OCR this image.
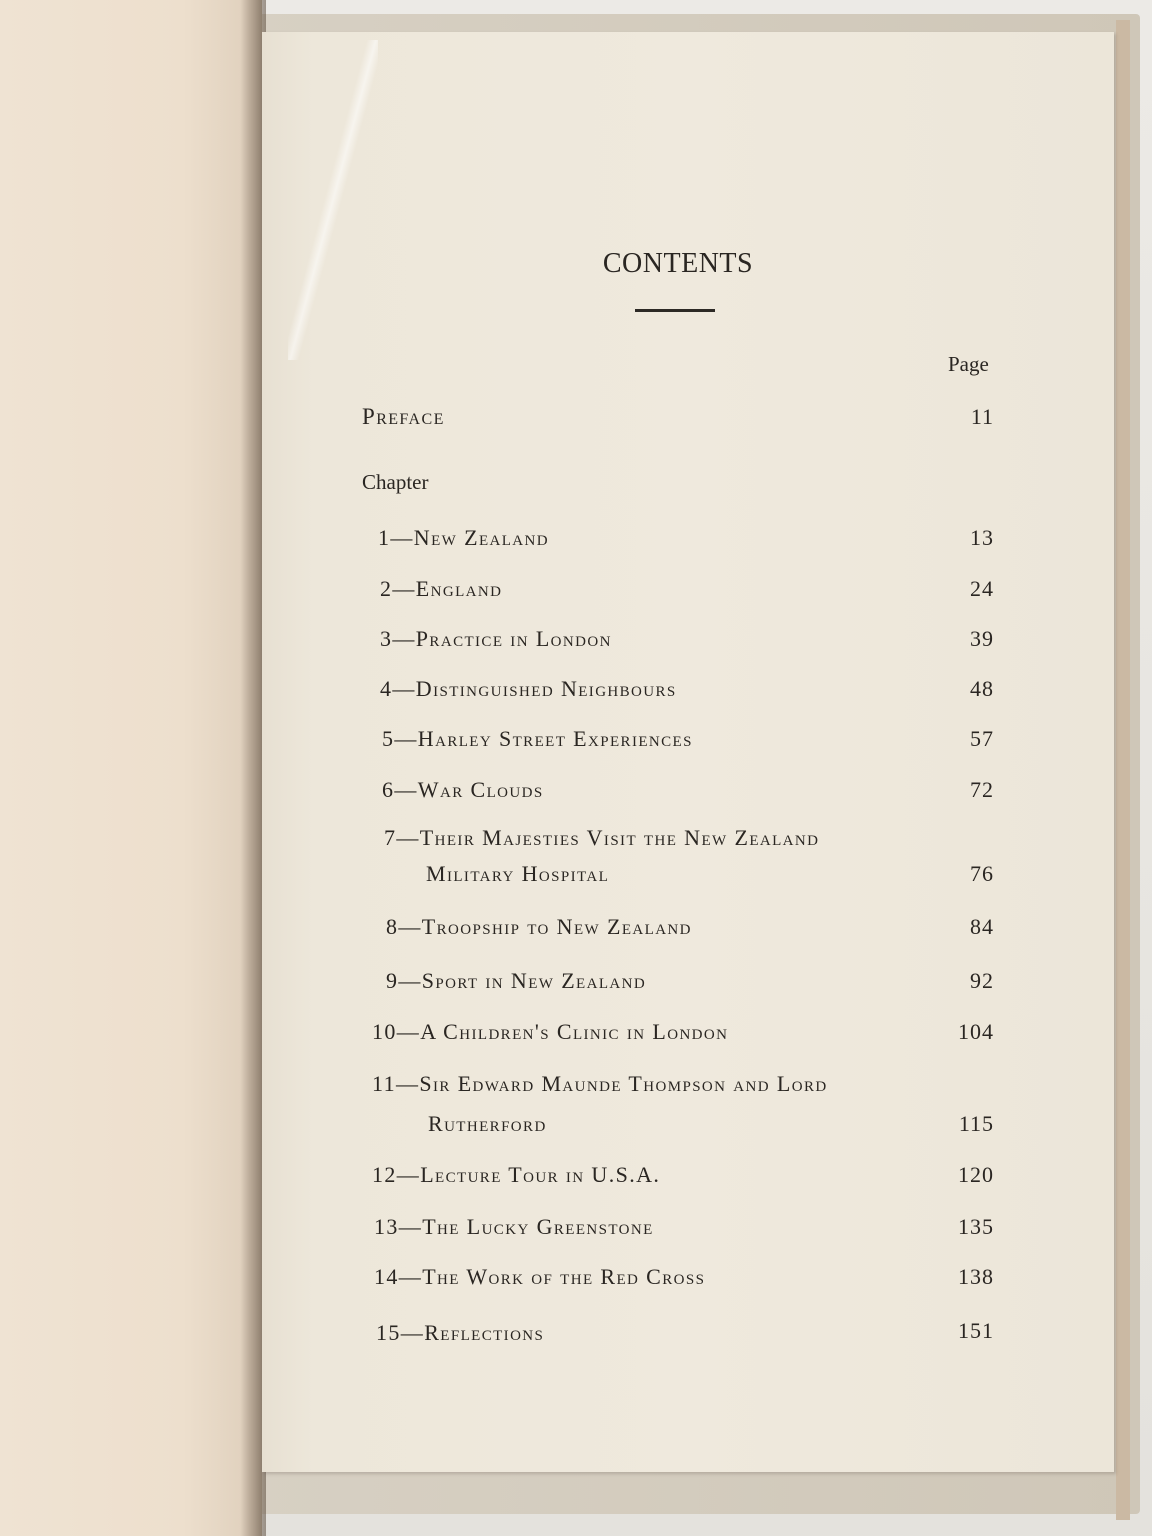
CONTENTS
Page
Preface	11
Chapter
1—New Zealand	13
2—England	24
3—Practice in London	39
4—Distinguished Neighbours	48
5—Harley Street Experiences	57
6—War Clouds	72
7—Their Majesties Visit the New Zealand
Military Hospital	76
8—Troopship to New Zealand	84
9—Sport in New Zealand	92
10—A Children's Clinic in London	104
11—Sir Edward Maunde Thompson and Lord
Rutherford	115
12—Lecture Tour in U.S.A.	120
13—The Lucky Greenstone	135
14—The Work of the Red Cross	138
15—Reflections	151
